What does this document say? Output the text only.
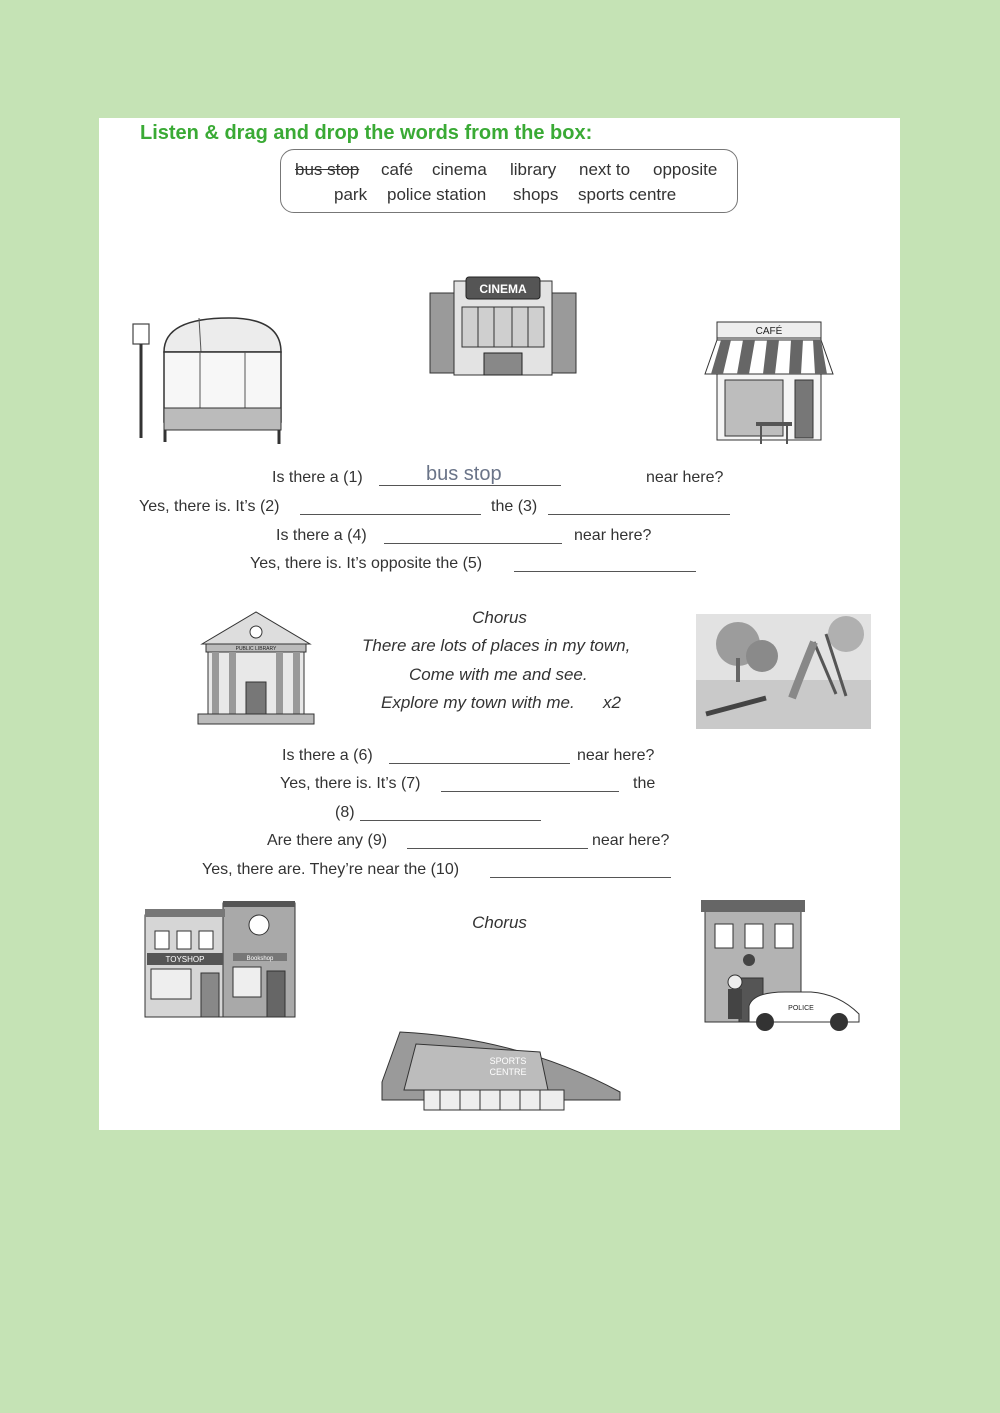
Listen & drag and drop the words from the box:
bus stop café cinema library next to opposite
park police station shops sports centre
CINEMA
CAFÉ
Is there a (1)	bus stop	near here?
Yes, there is. It’s (2)	the (3)
Is there a (4)	near here?
Yes, there is. It’s opposite the (5)
PUBLIC LIBRARY
Chorus
There are lots of places in my town,
Come with me and see.
Explore my town with me. x2
Is there a (6)	near here?
Yes, there is. It’s (7)	the
(8)
Are there any (9)	near here?
Yes, there are. They’re near the (10)
TOYSHOP	Bookshop
Chorus
POLICE
SPORTS
CENTRE
